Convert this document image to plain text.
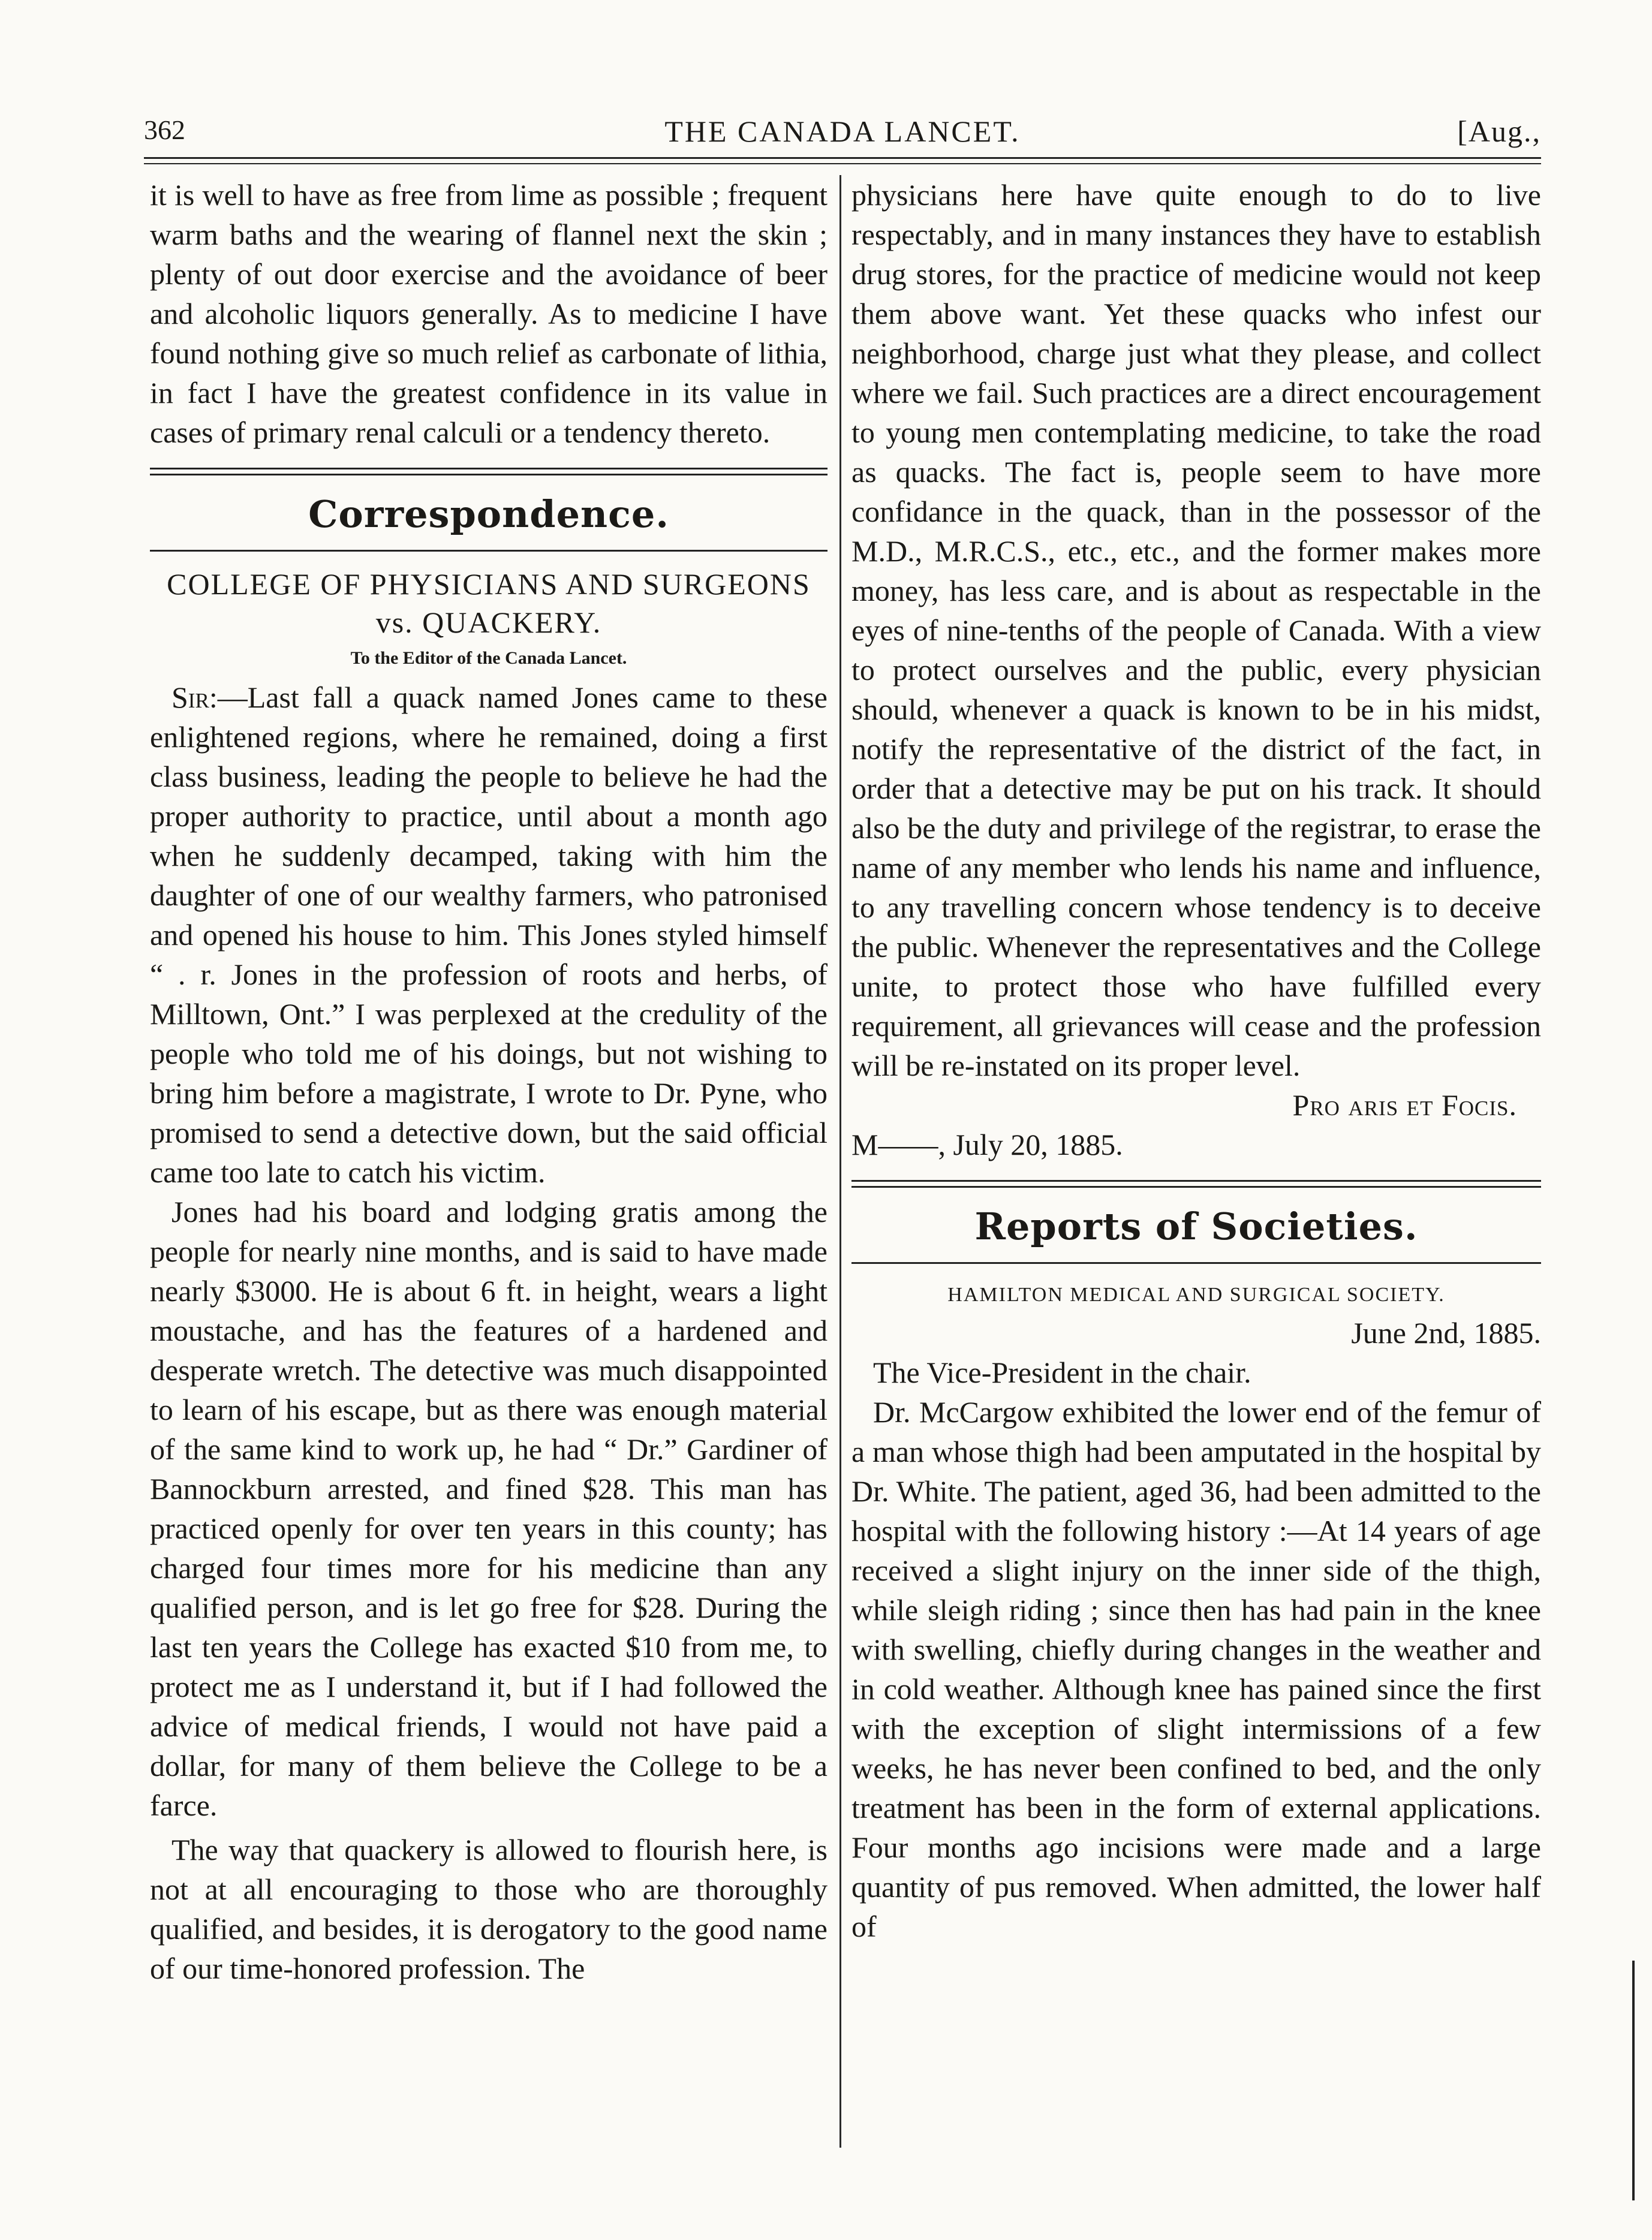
THE CANADA LANCET.
362	[Aug.,

it is well to have as free from lime as possible ; frequent warm baths and the wearing of flannel next the skin ; plenty of out door exercise and the avoidance of beer and alcoholic liquors generally. As to medicine I have found nothing give so much relief as carbonate of lithia, in fact I have the greatest confidence in its value in cases of primary renal calculi or a tendency thereto.

Correspondence.
COLLEGE OF PHYSICIANS AND SURGEONS vs. QUACKERY.
To the Editor of the Canada Lancet.

Sir:—Last fall a quack named Jones came to these enlightened regions, where he remained, doing a first class business, leading the people to believe he had the proper authority to practice, until about a month ago when he suddenly decamped, taking with him the daughter of one of our wealthy farmers, who patronised and opened his house to him. This Jones styled himself “ . r. Jones in the profession of roots and herbs, of Milltown, Ont.” I was perplexed at the credulity of the people who told me of his doings, but not wishing to bring him before a magistrate, I wrote to Dr. Pyne, who promised to send a detective down, but the said official came too late to catch his victim.

Jones had his board and lodging gratis among the people for nearly nine months, and is said to have made nearly $3000. He is about 6 ft. in height, wears a light moustache, and has the features of a hardened and desperate wretch. The detective was much disappointed to learn of his escape, but as there was enough material of the same kind to work up, he had “ Dr.” Gardiner of Bannockburn arrested, and fined $28. This man has practiced openly for over ten years in this county; has charged four times more for his medicine than any qualified person, and is let go free for $28. During the last ten years the College has exacted $10 from me, to protect me as I understand it, but if I had followed the advice of medical friends, I would not have paid a dollar, for many of them believe the College to be a farce.

The way that quackery is allowed to flourish here, is not at all encouraging to those who are thoroughly qualified, and besides, it is derogatory to the good name of our time-honored profession. The

physicians here have quite enough to do to live respectably, and in many instances they have to establish drug stores, for the practice of medicine would not keep them above want. Yet these quacks who infest our neighborhood, charge just what they please, and collect where we fail. Such practices are a direct encouragement to young men contemplating medicine, to take the road as quacks. The fact is, people seem to have more confidance in the quack, than in the possessor of the M.D., M.R.C.S., etc., etc., and the former makes more money, has less care, and is about as respectable in the eyes of nine-tenths of the people of Canada. With a view to protect ourselves and the public, every physician should, whenever a quack is known to be in his midst, notify the representative of the district of the fact, in order that a detective may be put on his track. It should also be the duty and privilege of the registrar, to erase the name of any member who lends his name and influence, to any travelling concern whose tendency is to deceive the public. Whenever the representatives and the College unite, to protect those who have fulfilled every requirement, all grievances will cease and the profession will be re-instated on its proper level.

Pro aris et Focis.

M——, July 20, 1885.

Reports of Societies.
HAMILTON MEDICAL AND SURGICAL SOCIETY.

June 2nd, 1885.

The Vice-President in the chair.

Dr. McCargow exhibited the lower end of the femur of a man whose thigh had been amputated in the hospital by Dr. White. The patient, aged 36, had been admitted to the hospital with the following history :—At 14 years of age received a slight injury on the inner side of the thigh, while sleigh riding ; since then has had pain in the knee with swelling, chiefly during changes in the weather and in cold weather. Although knee has pained since the first with the exception of slight intermissions of a few weeks, he has never been confined to bed, and the only treatment has been in the form of external applications. Four months ago incisions were made and a large quantity of pus removed. When admitted, the lower half of
